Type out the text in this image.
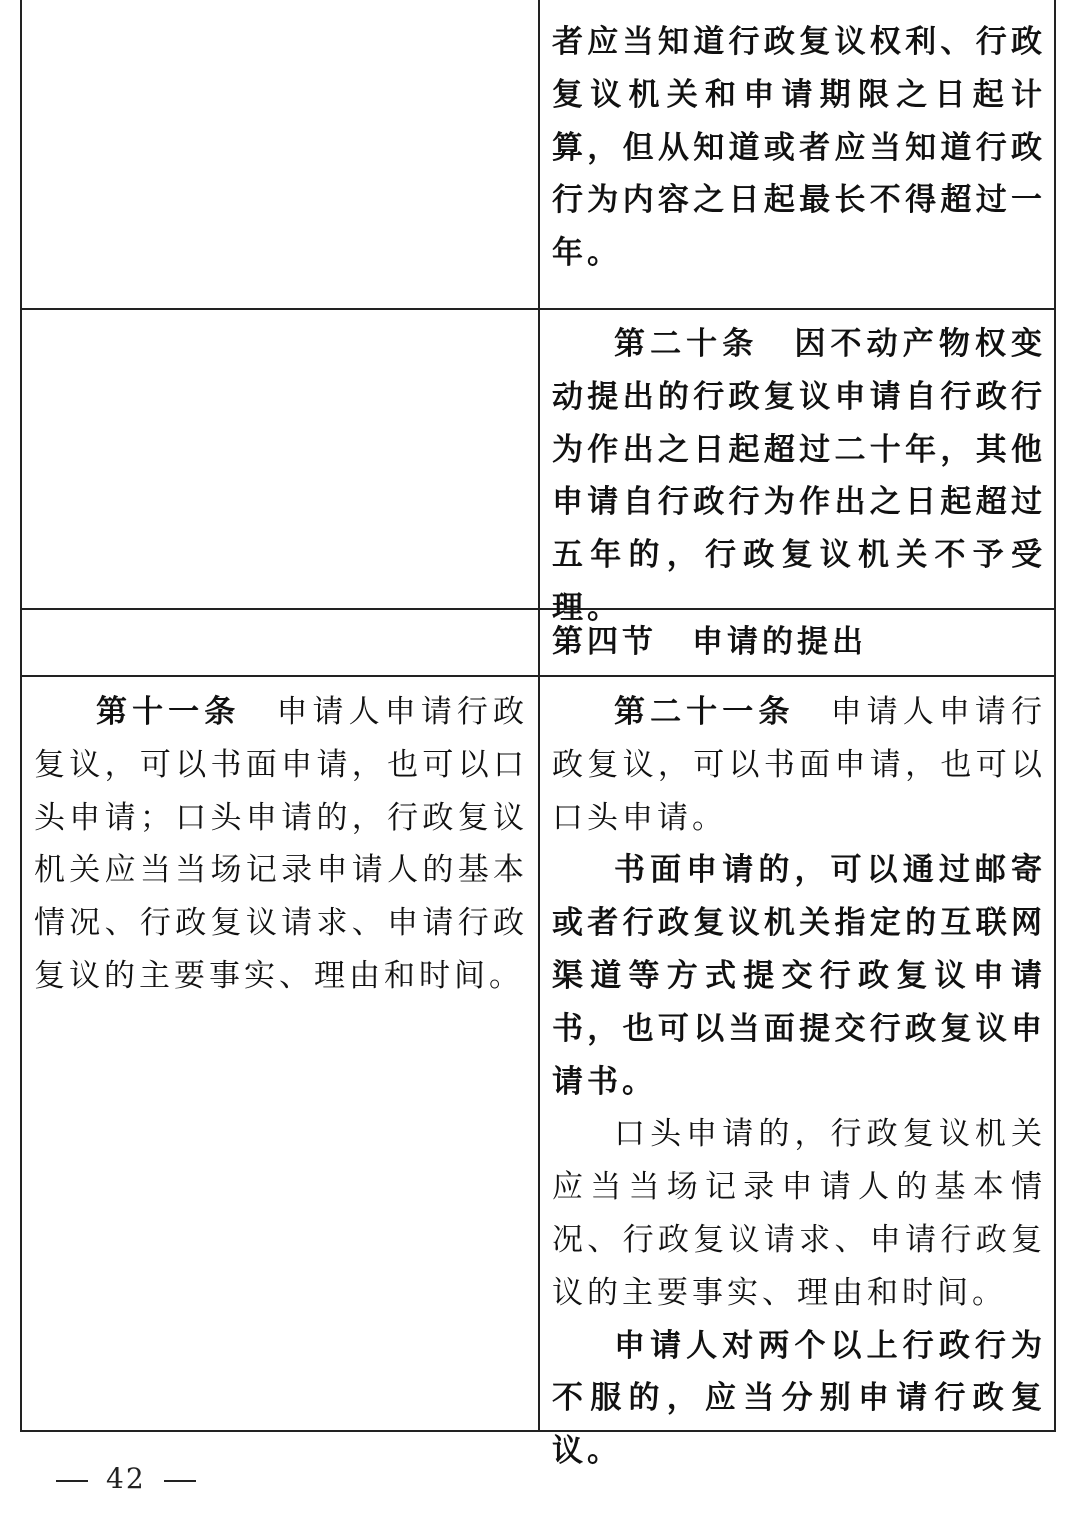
者应当知道行政复议权利、行政复议机关和申请期限之日起计算，但从知道或者应当知道行政行为内容之日起最长不得超过一年。

第二十条　 因不动产物权变动提出的行政复议申请自行政行为作出之日起超过二十年，其他申请自行政行为作出之日起超过五年的，行政复议机关不予受理。

第四节　申请的提出

第十一条　 申请人申请行政复议，可以书面申请，也可以口头申请；口头申请的，行政复议机关应当当场记录申请人的基本情况、行政复议请求、申请行政复议的主要事实、理由和时间。

第二十一条　 申请人申请行政复议，可以书面申请，也可以口头申请。

书面申请的，可以通过邮寄或者行政复议机关指定的互联网渠道等方式提交行政复议申请书，也可以当面提交行政复议申请书。

口头申请的，行政复议机关应当当场记录申请人的基本情况、行政复议请求、申请行政复议的主要事实、理由和时间。

申请人对两个以上行政行为不服的，应当分别申请行政复议。

42
